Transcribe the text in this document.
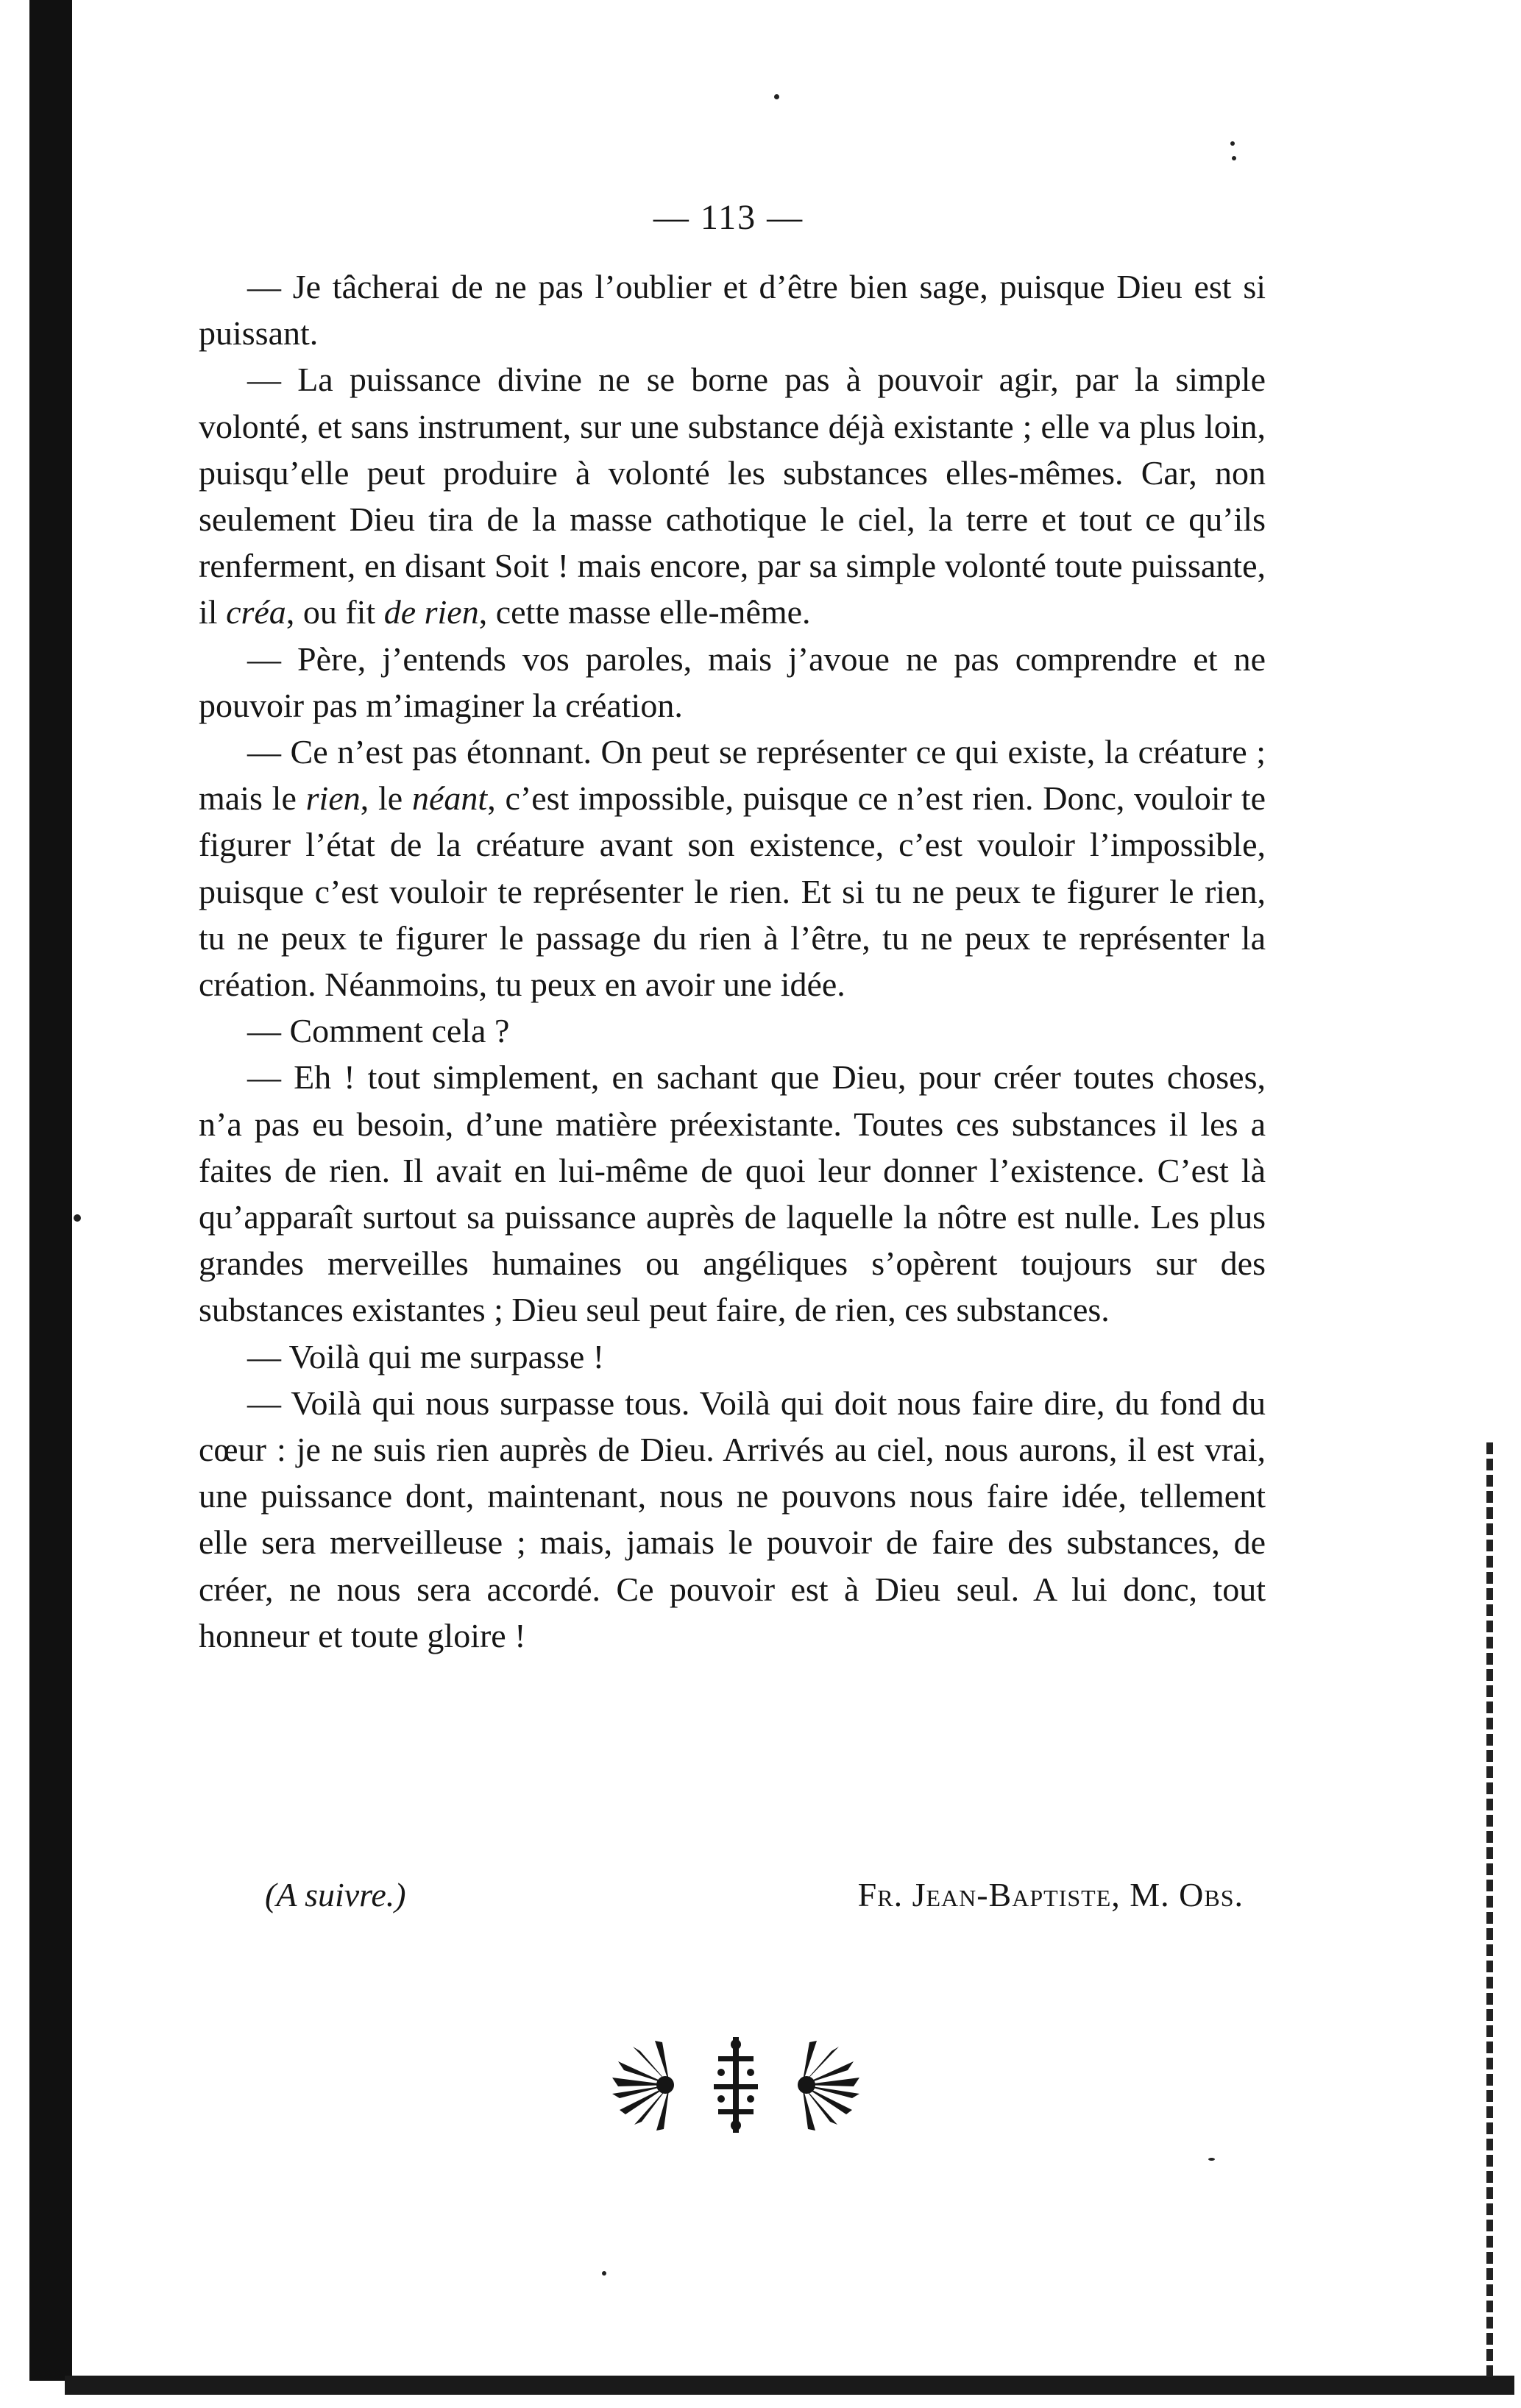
— 113 —

— Je tâcherai de ne pas l’oublier et d’être bien sage, puisque Dieu est si puissant.

— La puissance divine ne se borne pas à pouvoir agir, par la simple volonté, et sans instrument, sur une substance déjà existante ; elle va plus loin, puisqu’elle peut produire à volonté les substances elles-mêmes. Car, non seulement Dieu tira de la masse cathotique le ciel, la terre et tout ce qu’ils renferment, en disant Soit ! mais encore, par sa simple volonté toute puissante, il créa, ou fit de rien, cette masse elle-même.

— Père, j’entends vos paroles, mais j’avoue ne pas comprendre et ne pouvoir pas m’imaginer la création.

— Ce n’est pas étonnant. On peut se représenter ce qui existe, la créature ; mais le rien, le néant, c’est impossible, puisque ce n’est rien. Donc, vouloir te figurer l’état de la créature avant son existence, c’est vouloir l’impossible, puisque c’est vouloir te représenter le rien. Et si tu ne peux te figurer le rien, tu ne peux te figurer le passage du rien à l’être, tu ne peux te représenter la création. Néanmoins, tu peux en avoir une idée.

— Comment cela ?

— Eh ! tout simplement, en sachant que Dieu, pour créer toutes choses, n’a pas eu besoin, d’une matière préexistante. Toutes ces substances il les a faites de rien. Il avait en lui-même de quoi leur donner l’existence. C’est là qu’apparaît surtout sa puissance auprès de laquelle la nôtre est nulle. Les plus grandes merveilles humaines ou angéliques s’opèrent toujours sur des substances existantes ; Dieu seul peut faire, de rien, ces substances.

— Voilà qui me surpasse !

— Voilà qui nous surpasse tous. Voilà qui doit nous faire dire, du fond du cœur : je ne suis rien auprès de Dieu. Arrivés au ciel, nous aurons, il est vrai, une puissance dont, maintenant, nous ne pouvons nous faire idée, tellement elle sera merveilleuse ; mais, jamais le pouvoir de faire des substances, de créer, ne nous sera accordé. Ce pouvoir est à Dieu seul. A lui donc, tout honneur et toute gloire !

(A suivre.)	Fr. Jean-Baptiste, M. Obs.
